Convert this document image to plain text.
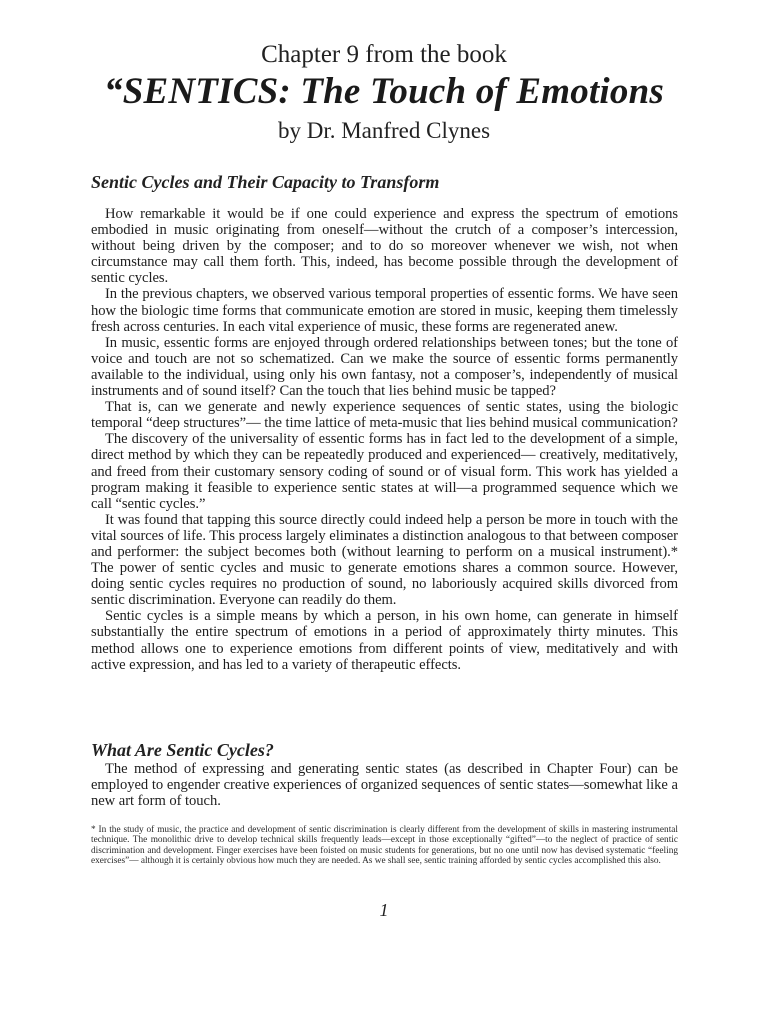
Chapter 9 from the book
“SENTICS: The Touch of Emotions
by Dr. Manfred Clynes
Sentic Cycles and Their Capacity to Transform

How remarkable it would be if one could experience and express the spectrum of emotions embodied in music originating from oneself—without the crutch of a composer’s intercession, without being driven by the composer; and to do so moreover whenever we wish, not when circumstance may call them forth. This, indeed, has become possible through the development of sentic cycles.

In the previous chapters, we observed various temporal properties of essentic forms. We have seen how the biologic time forms that communicate emotion are stored in music, keeping them timelessly fresh across centuries. In each vital experience of music, these forms are regenerated anew.

In music, essentic forms are enjoyed through ordered relationships between tones; but the tone of voice and touch are not so schematized. Can we make the source of essentic forms permanently available to the individual, using only his own fantasy, not a composer’s, independently of musical instruments and of sound itself? Can the touch that lies behind music be tapped?

That is, can we generate and newly experience sequences of sentic states, using the biologic temporal “deep structures”— the time lattice of meta-music that lies behind musical communication?

The discovery of the universality of essentic forms has in fact led to the development of a simple, direct method by which they can be repeatedly produced and experienced— creatively, meditatively, and freed from their customary sensory coding of sound or of visual form. This work has yielded a program making it feasible to experience sentic states at will—a programmed sequence which we call “sentic cycles.”

It was found that tapping this source directly could indeed help a person be more in touch with the vital sources of life. This process largely eliminates a distinction analogous to that between composer and performer: the subject becomes both (without learning to perform on a musical instrument).* The power of sentic cycles and music to generate emotions shares a common source. However, doing sentic cycles requires no production of sound, no laboriously acquired skills divorced from sentic discrimination. Everyone can readily do them.

Sentic cycles is a simple means by which a person, in his own home, can generate in himself substantially the entire spectrum of emotions in a period of approximately thirty minutes. This method allows one to experience emotions from different points of view, meditatively and with active expression, and has led to a variety of therapeutic effects.

What Are Sentic Cycles?

The method of expressing and generating sentic states (as described in Chapter Four) can be employed to engender creative experiences of organized sequences of sentic states—somewhat like a new art form of touch.

* In the study of music, the practice and development of sentic discrimination is clearly different from the development of skills in mastering instrumental technique. The monolithic drive to develop technical skills frequently leads—except in those exceptionally “gifted”—to the neglect of practice of sentic discrimination and development. Finger exercises have been foisted on music students for generations, but no one until now has devised systematic “feeling exercises”— although it is certainly obvious how much they are needed. As we shall see, sentic training afforded by sentic cycles accomplished this also.

1
